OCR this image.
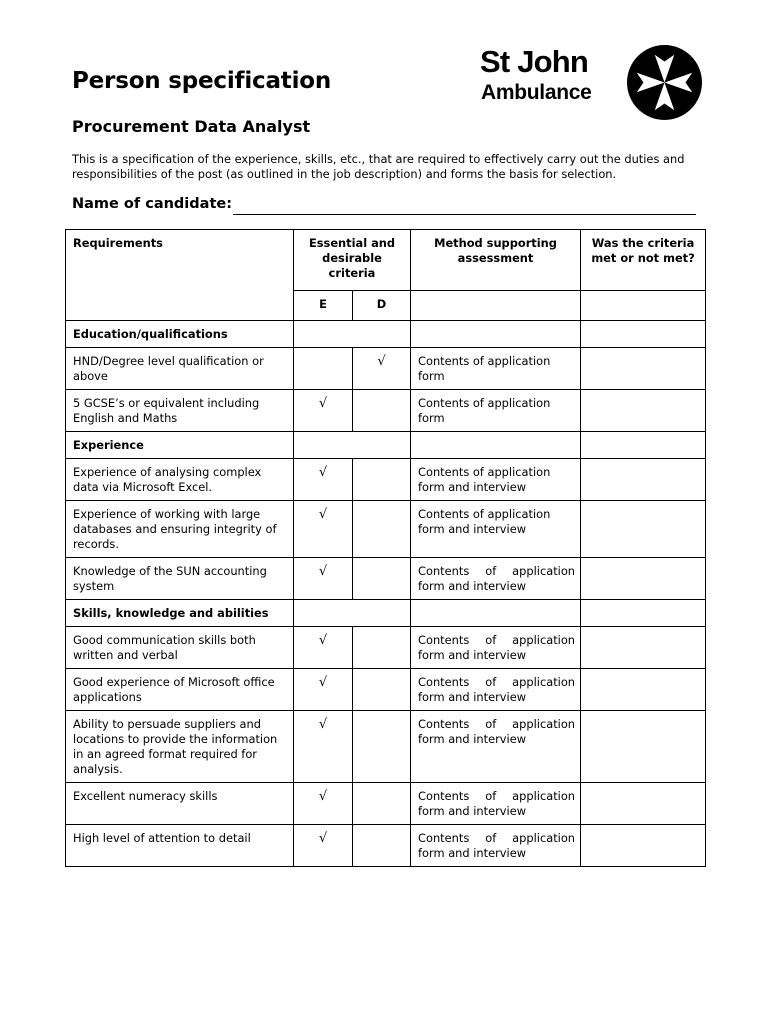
Person specification
St John
Ambulance
Procurement Data Analyst

This is a specification of the experience, skills, etc., that are required to effectively carry out the duties and responsibilities of the post (as outlined in the job description) and forms the basis for selection.

Name of candidate:
Requirements	Essential and desirable criteria		Method supporting assessment	Was the criteria met or not met?
	E	D		
Education/qualifications				
HND/Degree level qualification or above		√	Contents of application form	
5 GCSE’s or equivalent including English and Maths	√		Contents of application form	
Experience				
Experience of analysing complex data via Microsoft Excel.	√		Contents of application form and interview	
Experience of working with large databases and ensuring integrity of records.	√		Contents of application form and interview	
Knowledge of the SUN accounting system	√		Contents of application
form and interview	

Skills, knowledge and abilities				
Good communication skills both written and verbal	√		Contents of application
form and interview	

Good experience of Microsoft office applications	√		Contents of application
form and interview	

Ability to persuade suppliers and locations to provide the information in an agreed format required for analysis.	√		Contents of application
form and interview	

Excellent numeracy skills	√		Contents of application
form and interview	

High level of attention to detail	√		Contents of application
form and interview	
